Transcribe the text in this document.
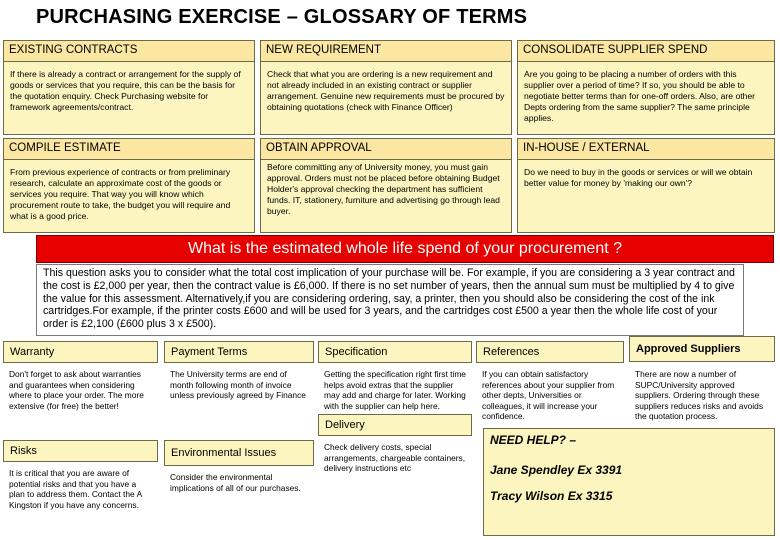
PURCHASING EXERCISE – GLOSSARY OF TERMS
EXISTING CONTRACTS
If there is already a contract or arrangement for the supply of goods or services that you require, this can be the basis for the quotation enquiry. Check Purchasing website for framework agreements/contract.
NEW REQUIREMENT
Check that what you are ordering is a new requirement and not already included in an existing contract or supplier arrangement. Genuine new requirements must be procured by obtaining quotations (check with Finance Officer)
CONSOLIDATE SUPPLIER SPEND
Are you going to be placing a number of orders with this supplier over a period of time? If so, you should be able to negotiate better terms than for one-off orders. Also, are other Depts ordering from the same supplier? The same principle applies.
COMPILE ESTIMATE
From previous experience of contracts or from preliminary research, calculate an approximate cost of the goods or services you require. That way you will know which procurement route to take, the budget you will require and what is a good price.
OBTAIN APPROVAL
Before committing any of University money, you must gain approval. Orders must not be placed before obtaining Budget Holder's approval checking the department has sufficient funds. IT, stationery, furniture and advertising go through lead buyer.
IN-HOUSE / EXTERNAL
Do we need to buy in the goods or services or will we obtain better value for money by 'making our own'?
What is the estimated whole life spend of your procurement ?
This question asks you to consider what the total cost implication of your purchase will be. For example, if you are considering a 3 year contract and the cost is £2,000 per year, then the contract value is £6,000. If there is no set number of years, then the annual sum must be multiplied by 4 to give the value for this assessment. Alternatively,if you are considering ordering, say, a printer, then you should also be considering the cost of the ink cartridges.For example, if the printer costs £600 and will be used for 3 years, and the cartridges cost £500 a year then the whole life cost of your order is £2,100 (£600 plus 3 x £500).
Warranty
Don't forget to ask about warranties and guarantees when considering where to place your order. The more extensive (for free) the better!
Payment Terms
The University terms are end of month following month of invoice unless previously agreed by Finance
Specification
Getting the specification right first time helps avoid extras that the supplier may add and charge for later. Working with the supplier can help here.
References
If you can obtain satisfactory references about your supplier from other depts, Universities or colleagues, it will increase your confidence.
Approved Suppliers
There are now a number of SUPC/University approved suppliers. Ordering through these suppliers reduces risks and avoids the quotation process.
Risks
It is critical that you are aware of potential risks and that you have a plan to address them. Contact the A Kingston if you have any concerns.
Environmental Issues
Consider the environmental implications of all of our purchases.
Delivery
Check delivery costs, special arrangements, chargeable containers, delivery instructions etc
NEED HELP? –
Jane Spendley Ex 3391
Tracy Wilson Ex 3315
